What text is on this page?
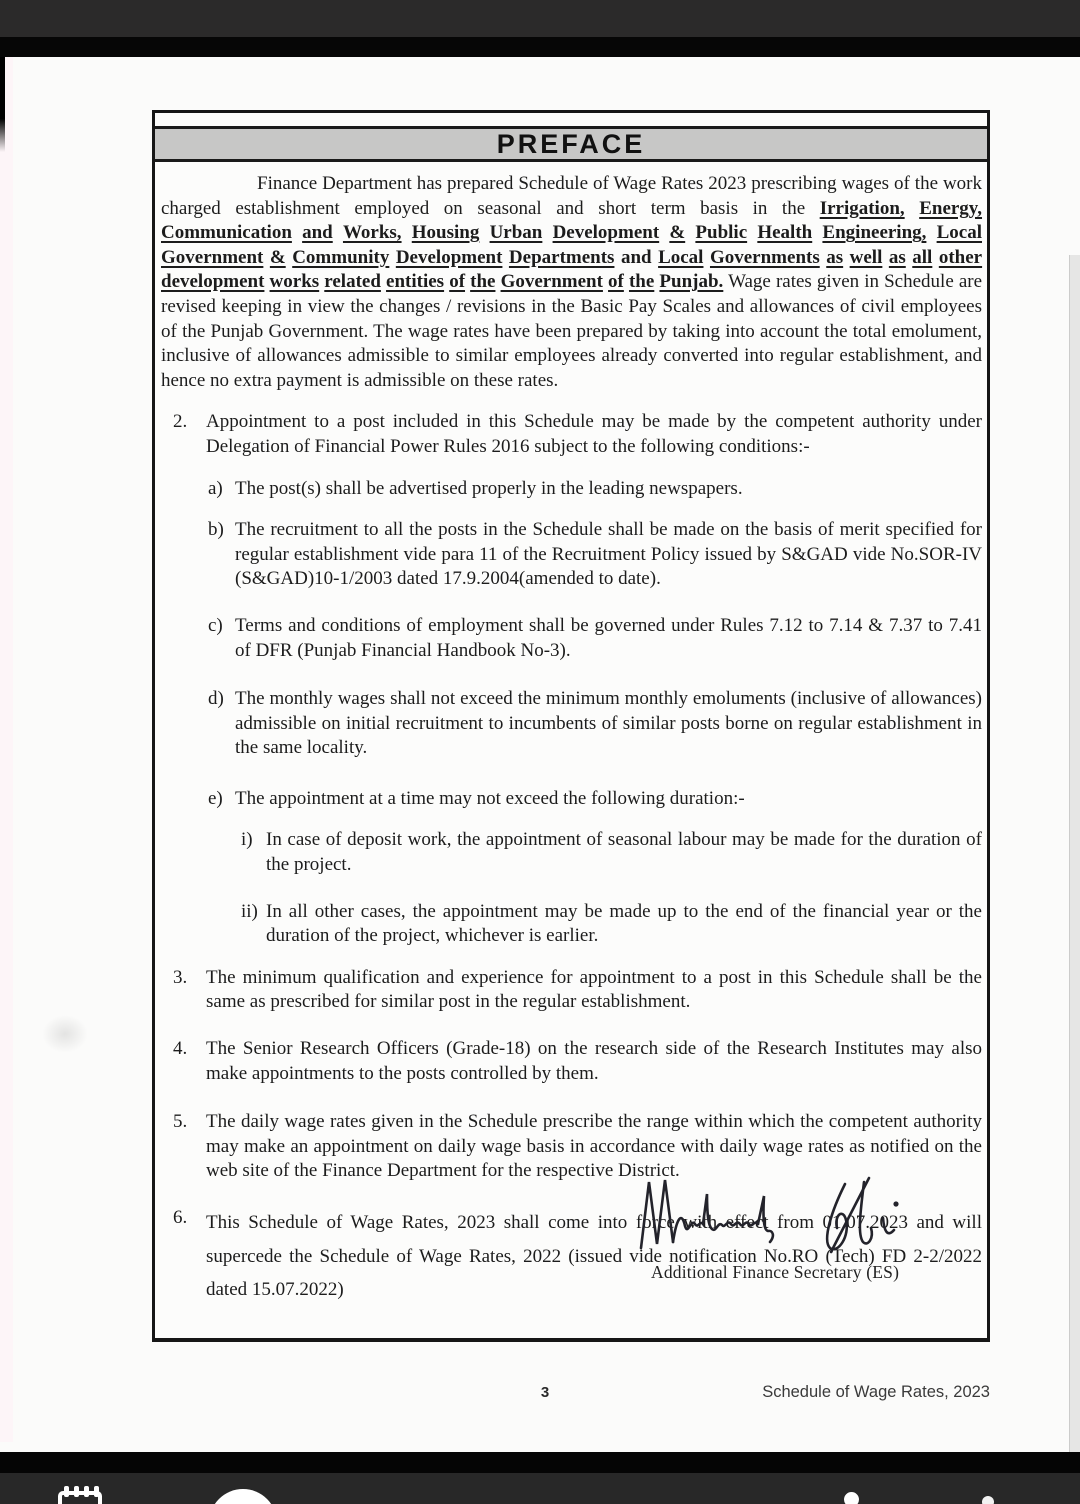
PREFACE

Finance Department has prepared Schedule of Wage Rates 2023 prescribing wages of the work charged establishment employed on seasonal and short term basis in the Irrigation, Energy, Communication and Works, Housing Urban Development & Public Health Engineering, Local Government & Community Development Departments and Local Governments as well as all other development works related entities of the Government of the Punjab. Wage rates given in Schedule are revised keeping in view the changes / revisions in the Basic Pay Scales and allowances of civil employees of the Punjab Government. The wage rates have been prepared by taking into account the total emolument, inclusive of allowances admissible to similar employees already converted into regular establishment, and hence no extra payment is admissible on these rates.

2. Appointment to a post included in this Schedule may be made by the competent authority under Delegation of Financial Power Rules 2016 subject to the following conditions:-
a) The post(s) shall be advertised properly in the leading newspapers.
b) The recruitment to all the posts in the Schedule shall be made on the basis of merit specified for regular establishment vide para 11 of the Recruitment Policy issued by S&GAD vide No.SOR-IV (S&GAD)10-1/2003 dated 17.9.2004(amended to date).
c) Terms and conditions of employment shall be governed under Rules 7.12 to 7.14 & 7.37 to 7.41 of DFR (Punjab Financial Handbook No-3).
d) The monthly wages shall not exceed the minimum monthly emoluments (inclusive of allowances) admissible on initial recruitment to incumbents of similar posts borne on regular establishment in the same locality.
e) The appointment at a time may not exceed the following duration:-
i) In case of deposit work, the appointment of seasonal labour may be made for the duration of the project.
ii) In all other cases, the appointment may be made up to the end of the financial year or the duration of the project, whichever is earlier.
3. The minimum qualification and experience for appointment to a post in this Schedule shall be the same as prescribed for similar post in the regular establishment.
4. The Senior Research Officers (Grade-18) on the research side of the Research Institutes may also make appointments to the posts controlled by them.
5. The daily wage rates given in the Schedule prescribe the range within which the competent authority may make an appointment on daily wage basis in accordance with daily wage rates as notified on the web site of the Finance Department for the respective District.
6. This Schedule of Wage Rates, 2023 shall come into force with effect from 01.07.2023 and will supercede the Schedule of Wage Rates, 2022 (issued vide notification No.RO (Tech) FD 2-2/2022 dated 15.07.2022)
Additional Finance Secretary (ES)
3	Schedule of Wage Rates, 2023
